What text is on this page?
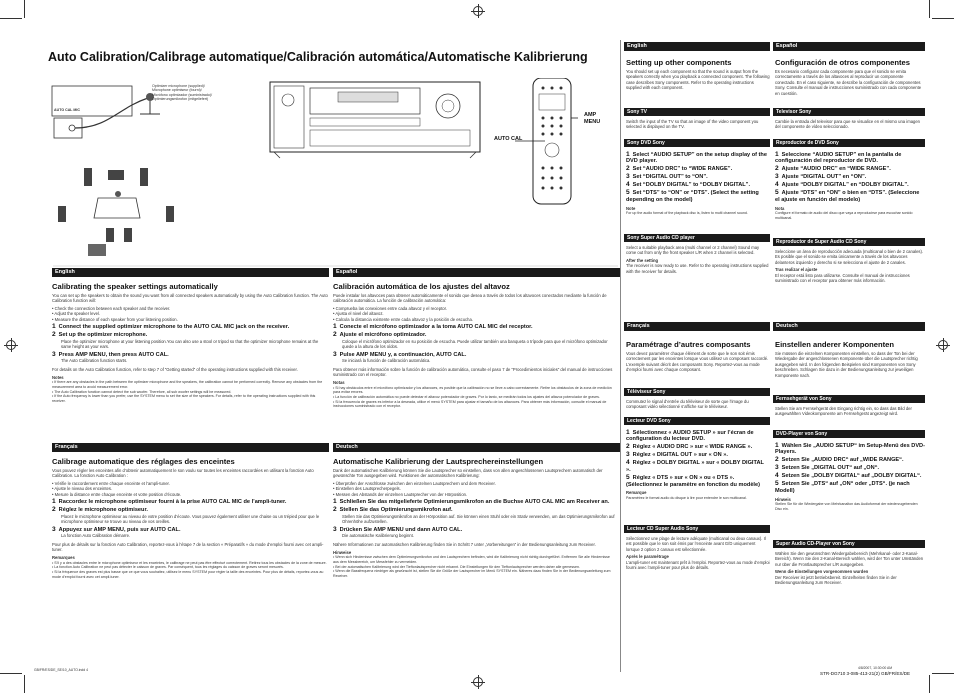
Auto Calibration/Calibrage automatique/Calibración automática/Automatische Kalibrierung
Optimizer microphone (supplied)/
Microphone optimiseur (fourni)/
Micrófono optimizador (suministrado)/
Optimierungsmikrofon (mitgeliefert)
AUTO CAL MIC
AMP
MENU
AUTO CAL
English
Calibrating the speaker settings automatically

You can set up the speakers to obtain the sound you want from all connected speakers automatically by using the Auto Calibration function. The Auto Calibration function will:

• Check the connection between each speaker and the receiver.
• Adjust the speaker level.
• Measure the distance of each speaker from your listening position.

1 Connect the supplied optimizer microphone to the AUTO CAL MIC jack on the receiver.
2 Set up the optimizer microphone.

Place the optimizer microphone at your listening position.You can also use a stool or tripod so that the optimizer microphone remains at the same height as your ears.

3 Press AMP MENU, then press AUTO CAL.

The Auto Calibration function starts.

For details on the Auto Calibration function, refer to step 7 of “Getting started” of the operating instructions supplied with this receiver.

Notes

• If there are any obstacles in the path between the optimizer microphone and the speakers, the calibration cannot be performed correctly. Remove any obstacles from the measurement area to avoid measurement error.
• The Auto Calibration function cannot detect the sub woofer. Therefore, all sub woofer settings will be measured.
• If the Auto frequency is lower than you prefer, use the SYSTEM menu to set the size of the speakers. For details, refer to the operating instructions supplied with this receiver.

Español
Calibración automática de los ajustes del altavoz

Puede instalar los altavoces para obtener automáticamente el sonido que desea a través de todos los altavoces conectados mediante la función de calibración automática. La función de calibración automática:

• Comprueba las conexiones entre cada altavoz y el receptor.
• Ajusta el nivel del altavoz.
• Calcula la distancia existente entre cada altavoz y la posición de escucha.

1 Conecte el micrófono optimizador a la toma AUTO CAL MIC del receptor.
2 Ajuste el micrófono optimizador.

Coloque el micrófono optimizador en su posición de escucha. Puede utilizar también una banqueta o trípode para que el micrófono optimizador quede a la altura de los oídos.

3 Pulse AMP MENU y, a continuación, AUTO CAL.

Se iniciará la función de calibración automática.

Para obtener más información sobre la función de calibración automática, consulte el paso 7 de “Procedimientos iniciales” del manual de instrucciones suministrado con el receptor.

Notas

• Si hay obstáculos entre el micrófono optimizador y los altavoces, es posible que la calibración no se lleve a cabo correctamente. Retire los obstáculos de la zona de medición para evitar errores.
• La función de calibración automática no puede detectar el altavoz potenciador de graves. Por lo tanto, se medirán todos los ajustes del altavoz potenciador de graves.
• Si la frecuencia de graves es inferior a la deseada, utilice el menú SYSTEM para ajustar el tamaño de los altavoces. Para obtener más información, consulte el manual de instrucciones suministrado con el receptor.

Français
Calibrage automatique des réglages des enceintes

Vous pouvez régler les enceintes afin d’obtenir automatiquement le son voulu sur toutes les enceintes raccordées en utilisant la fonction Auto Calibration. La fonction Auto Calibration :

• Vérifie le raccordement entre chaque enceinte et l’ampli-tuner.
• Ajuste le niveau des enceintes.
• Mesure la distance entre chaque enceinte et votre position d’écoute.

1 Raccordez le microphone optimiseur fourni à la prise AUTO CAL MIC de l’ampli-tuner.
2 Réglez le microphone optimiseur.

Placez le microphone optimiseur au niveau de votre position d’écoute. Vous pouvez également utiliser une chaise ou un trépied pour que le microphone optimiseur se trouve au niveau de vos oreilles.

3 Appuyez sur AMP MENU, puis sur AUTO CAL.

La fonction Auto Calibration démarre.

Pour plus de détails sur la fonction Auto Calibration, reportez-vous à l’étape 7 de la section « Préparatifs » du mode d’emploi fourni avec cet ampli-tuner.

Remarques

• S’il y a des obstacles entre le microphone optimiseur et les enceintes, le calibrage ne peut pas être effectué correctement. Retirez tous les obstacles de la zone de mesure.
• La fonction Auto Calibration ne peut pas détecter le caisson de graves. Par conséquent, tous les réglages du caisson de graves seront mesurés.
• Si la fréquence des graves est plus basse que ce que vous souhaitez, utilisez le menu SYSTEM pour régler la taille des enceintes. Pour plus de détails, reportez-vous au mode d’emploi fourni avec cet ampli-tuner.

Deutsch
Automatische Kalibrierung der Lautsprechereinstellungen

Dank der automatischen Kalibrierung können Sie die Lautsprecher so einstellen, dass von allen angeschlossenen Lautsprechern automatisch der gewünschte Ton ausgegeben wird. Funktionen der automatischen Kalibrierung:

• Überprüfen der Anschlüsse zwischen den einzelnen Lautsprechern und dem Receiver.
• Einstellen des Lautsprecherpegels.
• Messen des Abstands der einzelnen Lautsprecher von der Hörposition.

1 Schließen Sie das mitgelieferte Optimierungsmikrofon an die Buchse AUTO CAL MIC am Receiver an.
2 Stellen Sie das Optimierungsmikrofon auf.

Stellen Sie das Optimierungsmikrofon an der Hörposition auf. Sie können einen Stuhl oder ein Stativ verwenden, um das Optimierungsmikrofon auf Ohrenhöhe aufzustellen.

3 Drücken Sie AMP MENU und dann AUTO CAL.

Die automatische Kalibrierung beginnt.

Nähere Informationen zur automatischen Kalibrierung finden Sie in Schritt 7 unter „Vorbereitungen“ in der Bedienungsanleitung zum Receiver.

Hinweise

• Wenn sich Hindernisse zwischen dem Optimierungsmikrofon und den Lautsprechern befinden, wird die Kalibrierung nicht richtig durchgeführt. Entfernen Sie alle Hindernisse aus dem Messbereich, um Messfehler zu vermeiden.
• Bei der automatischen Kalibrierung wird der Tieftonlautsprecher nicht erkannt. Die Einstellungen für den Tieftonlautsprecher werden daher alle gemessen.
• Wenn die Bassfrequenz niedriger als gewünscht ist, stellen Sie die Größe der Lautsprecher im Menü SYSTEM ein. Näheres dazu finden Sie in der Bedienungsanleitung zum Receiver.

English
Setting up other components

You should set up each component so that the sound is output from the speakers correctly when you playback a connected component. The following case describes Sony components. Refer to the operating instructions supplied with each component.

Sony TV

Switch the input of the TV so that an image of the video component you selected is displayed on the TV.

Sony DVD Sony
1 Select “AUDIO SETUP” on the setup display of the DVD player.
2 Set “AUDIO DRC” to “WIDE RANGE”.
3 Set “DIGITAL OUT” to “ON”.
4 Set “DOLBY DIGITAL” to “DOLBY DIGITAL”.
5 Set “DTS” to “ON” or “DTS”. (Select the setting depending on the model)
Note

For up the audio format of the playback disc is, listen to multi channel sound.

Sony Super Audio CD player

Select a suitable playback area (multi channel or 2 channel) Sound may come out from only the front speaker L/R when 2 channel is selected.

After the setting

The receiver is now ready to use. Refer to the operating instructions supplied with the receiver for details.

Español
Configuración de otros componentes

Es necesario configurar cada componente para que el sonido se emita correctamente a través de los altavoces al reproducir un componente conectado. En el caso siguiente, se describe la configuración de componentes Sony. Consulte el manual de instrucciones suministrado con cada componente en cuestión.

Televisor Sony

Cambie la entrada del televisor para que se visualice en el mismo una imagen del componente de vídeo seleccionado.

Reproductor de DVD Sony
1 Seleccione “AUDIO SETUP” en la pantalla de configuración del reproductor de DVD.
2 Ajuste “AUDIO DRC” en “WIDE RANGE”.
3 Ajuste “DIGITAL OUT” en “ON”.
4 Ajuste “DOLBY DIGITAL” en “DOLBY DIGITAL”.
5 Ajuste “DTS” en “ON” o bien en “DTS”. (Seleccione el ajuste en función del modelo)
Nota

Configure el formato de audio del disco que vaya a reproducirse para escuchar sonido multicanal.

Reproductor de Super Audio CD Sony

Seleccione un área de reproducción adecuada (multicanal o bien de 2 canales). Es posible que el sonido se emita únicamente a través de los altavoces delanteros izquierdo y derecho si se selecciona el ajuste de 2 canales.

Tras realizar el ajuste

El receptor está listo para utilizarse. Consulte el manual de instrucciones suministrado con el receptor para obtener más información.

Français
Paramétrage d’autres composants

Vous devez paramétrer chaque élément de sorte que le son soit émis correctement par les enceintes lorsque vous utilisez un composant raccordé. L’exemple suivant décrit des composants Sony. Reportez-vous au mode d’emploi fourni avec chaque composant.

Téléviseur Sony

Commutez le signal d’entrée du téléviseur de sorte que l’image du composant vidéo sélectionné s’affiche sur le téléviseur.

Lecteur DVD Sony
1 Sélectionnez « AUDIO SETUP » sur l’écran de configuration du lecteur DVD.
2 Réglez « AUDIO DRC » sur « WIDE RANGE ».
3 Réglez « DIGITAL OUT » sur « ON ».
4 Réglez « DOLBY DIGITAL » sur « DOLBY DIGITAL ».
5 Réglez « DTS » sur « ON » ou « DTS ». (Sélectionnez le paramètre en fonction du modèle)
Remarque

Paramétrez le format audio du disque à lire pour entendre le son multicanal.

Lecteur CD Super Audio Sony

Sélectionnez une plage de lecture adéquate (multicanal ou deux canaux). Il est possible que le son soit émis par l’enceinte avant G/D uniquement lorsque 2 option 2 canaux est sélectionnée.

Après le paramétrage

L’ampli-tuner est maintenant prêt à l’emploi. Reportez-vous au mode d’emploi fourni avec l’ampli-tuner pour plus de détails.

Deutsch
Einstellen anderer Komponenten

Sie müssen die einzelnen Komponenten einstellen, so dass der Ton bei der Wiedergabe der angeschlossenen Komponente über die Lautsprecher richtig ausgegeben wird. In den folgenden Beispielen sind Komponenten von Sony beschrieben. Schlagen Sie dazu in der Bedienungsanleitung zur jeweiligen Komponente nach.

Fernsehgerät von Sony

Stellen Sie am Fernsehgerät den Eingang richtig ein, so dass das Bild der ausgewählten Videokomponente am Fernsehgerät angezeigt wird.

DVD-Player von Sony
1 Wählen Sie „AUDIO SETUP“ im Setup-Menü des DVD-Players.
2 Setzen Sie „AUDIO DRC“ auf „WIDE RANGE“.
3 Setzen Sie „DIGITAL OUT“ auf „ON“.
4 Setzen Sie „DOLBY DIGITAL“ auf „DOLBY DIGITAL“.
5 Setzen Sie „DTS“ auf „ON“ oder „DTS“. (je nach Modell)
Hinweis

Stellen Sie für die Wiedergabe von Mehrkanalton das Audioformat der wiederzugebenden Disc ein.

Super Audio CD-Player von Sony

Wählen Sie den gewünschten Wiedergabebereich (Mehrkanal- oder 2-Kanal-Bereich). Wenn Sie den 2-Kanal-Bereich wählen, wird der Ton unter Umständen nur über die Frontlautsprecher L/R ausgegeben.

Wenn die Einstellungen vorgenommen wurden

Der Receiver ist jetzt betriebsbereit. Einzelheiten finden Sie in der Bedienungsanleitung zum Receiver.

GB/FR/ES/DE_SE/10_AUTO.indd 4	4/8/2007, 10:30:00 AM
STR-DG710 3-085-413-21(2) GB/FR/ES/DE
